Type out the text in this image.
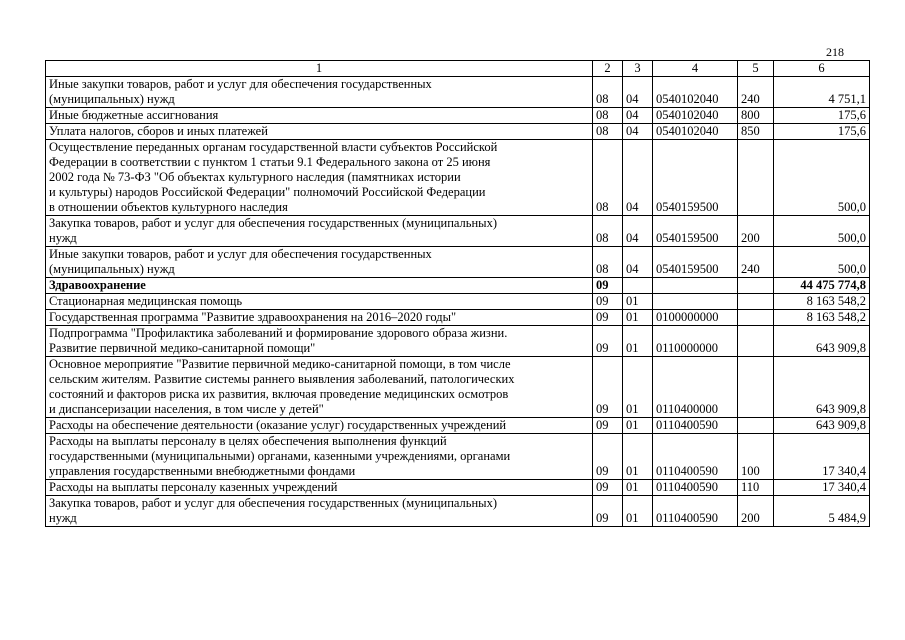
218
1	2	3	4	5	6
Иные закупки товаров, работ и услуг для обеспечения государственных
(муниципальных) нужд	08	04	0540102040	240	4 751,1
Иные бюджетные ассигнования	08	04	0540102040	800	175,6
Уплата налогов, сборов и иных платежей	08	04	0540102040	850	175,6
Осуществление переданных органам государственной власти субъектов Российской
Федерации в соответствии с пунктом 1 статьи 9.1 Федерального закона от 25 июня
2002 года № 73-ФЗ "Об объектах культурного наследия (памятниках истории
и культуры) народов Российской Федерации" полномочий Российской Федерации
в отношении объектов культурного наследия	08	04	0540159500		500,0
Закупка товаров, работ и услуг для обеспечения государственных (муниципальных)
нужд	08	04	0540159500	200	500,0
Иные закупки товаров, работ и услуг для обеспечения государственных
(муниципальных) нужд	08	04	0540159500	240	500,0
Здравоохранение	09				44 475 774,8
Стационарная медицинская помощь	09	01			8 163 548,2
Государственная программа "Развитие здравоохранения на 2016–2020 годы"	09	01	0100000000		8 163 548,2
Подпрограмма "Профилактика заболеваний и формирование здорового образа жизни.
Развитие первичной медико-санитарной помощи"	09	01	0110000000		643 909,8
Основное мероприятие "Развитие первичной медико-санитарной помощи, в том числе
сельским жителям. Развитие системы раннего выявления заболеваний, патологических
состояний и факторов риска их развития, включая проведение медицинских осмотров
и диспансеризации населения, в том числе у детей"	09	01	0110400000		643 909,8
Расходы на обеспечение деятельности (оказание услуг) государственных учреждений	09	01	0110400590		643 909,8
Расходы на выплаты персоналу в целях обеспечения выполнения функций
государственными (муниципальными) органами, казенными учреждениями, органами
управления государственными внебюджетными фондами	09	01	0110400590	100	17 340,4
Расходы на выплаты персоналу казенных учреждений	09	01	0110400590	110	17 340,4
Закупка товаров, работ и услуг для обеспечения государственных (муниципальных)
нужд	09	01	0110400590	200	5 484,9
